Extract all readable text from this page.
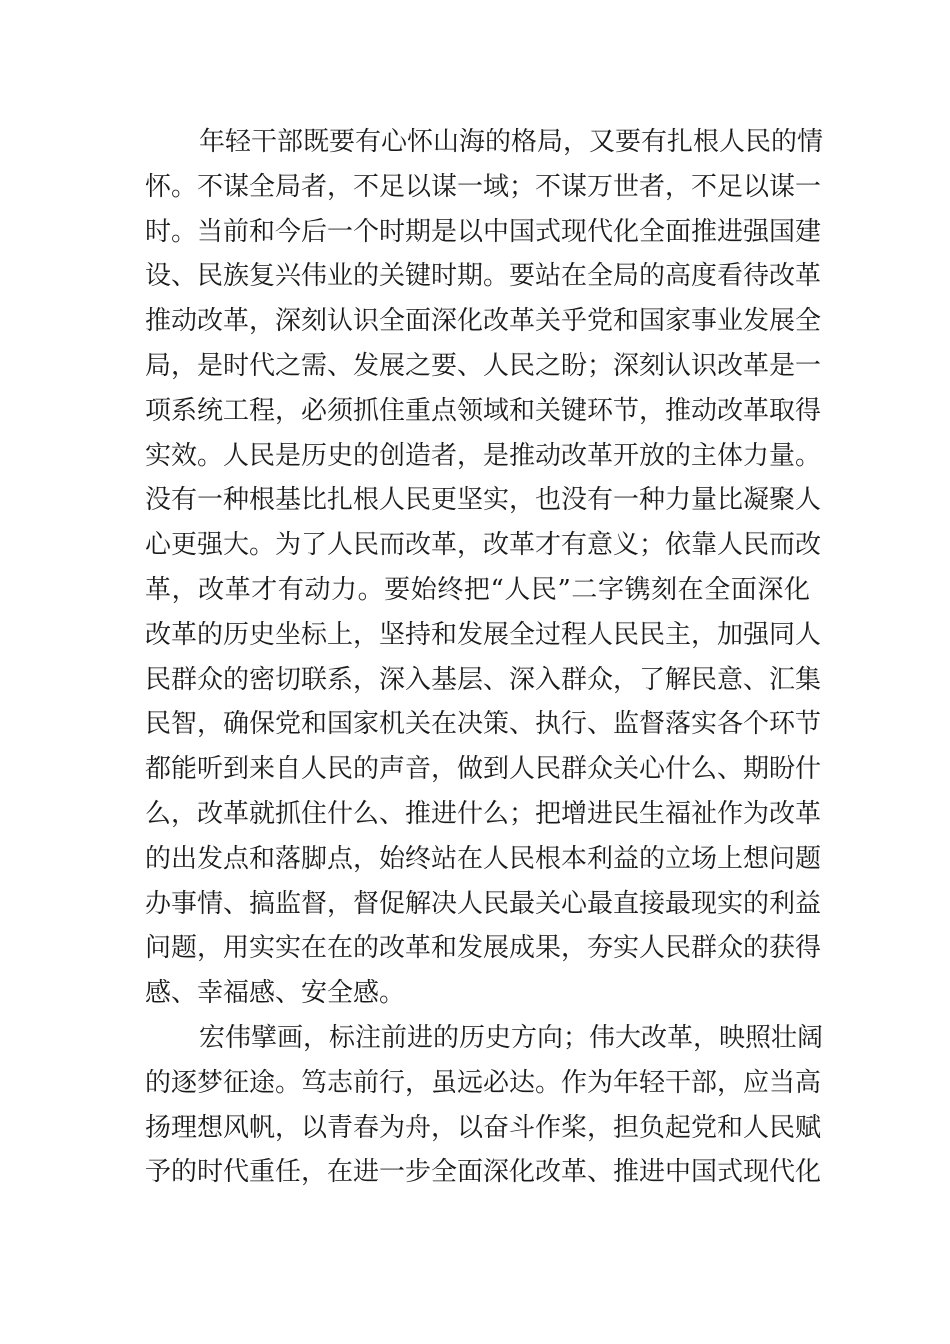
年轻干部既要有心怀山海的格局，又要有扎根人民的情
怀。不谋全局者，不足以谋一域；不谋万世者，不足以谋一
时。当前和今后一个时期是以中国式现代化全面推进强国建
设、民族复兴伟业的关键时期。要站在全局的高度看待改革
推动改革，深刻认识全面深化改革关乎党和国家事业发展全
局，是时代之需、发展之要、人民之盼；深刻认识改革是一
项系统工程，必须抓住重点领域和关键环节，推动改革取得
实效。人民是历史的创造者，是推动改革开放的主体力量。
没有一种根基比扎根人民更坚实，也没有一种力量比凝聚人
心更强大。为了人民而改革，改革才有意义；依靠人民而改
革，改革才有动力。要始终把“人民”二字镌刻在全面深化
改革的历史坐标上，坚持和发展全过程人民民主，加强同人
民群众的密切联系，深入基层、深入群众，了解民意、汇集
民智，确保党和国家机关在决策、执行、监督落实各个环节
都能听到来自人民的声音，做到人民群众关心什么、期盼什
么，改革就抓住什么、推进什么；把增进民生福祉作为改革
的出发点和落脚点，始终站在人民根本利益的立场上想问题
办事情、搞监督，督促解决人民最关心最直接最现实的利益
问题，用实实在在的改革和发展成果，夯实人民群众的获得
感、幸福感、安全感。
宏伟擘画，标注前进的历史方向；伟大改革，映照壮阔
的逐梦征途。笃志前行，虽远必达。作为年轻干部，应当高
扬理想风帆，以青春为舟，以奋斗作桨，担负起党和人民赋
予的时代重任，在进一步全面深化改革、推进中国式现代化
